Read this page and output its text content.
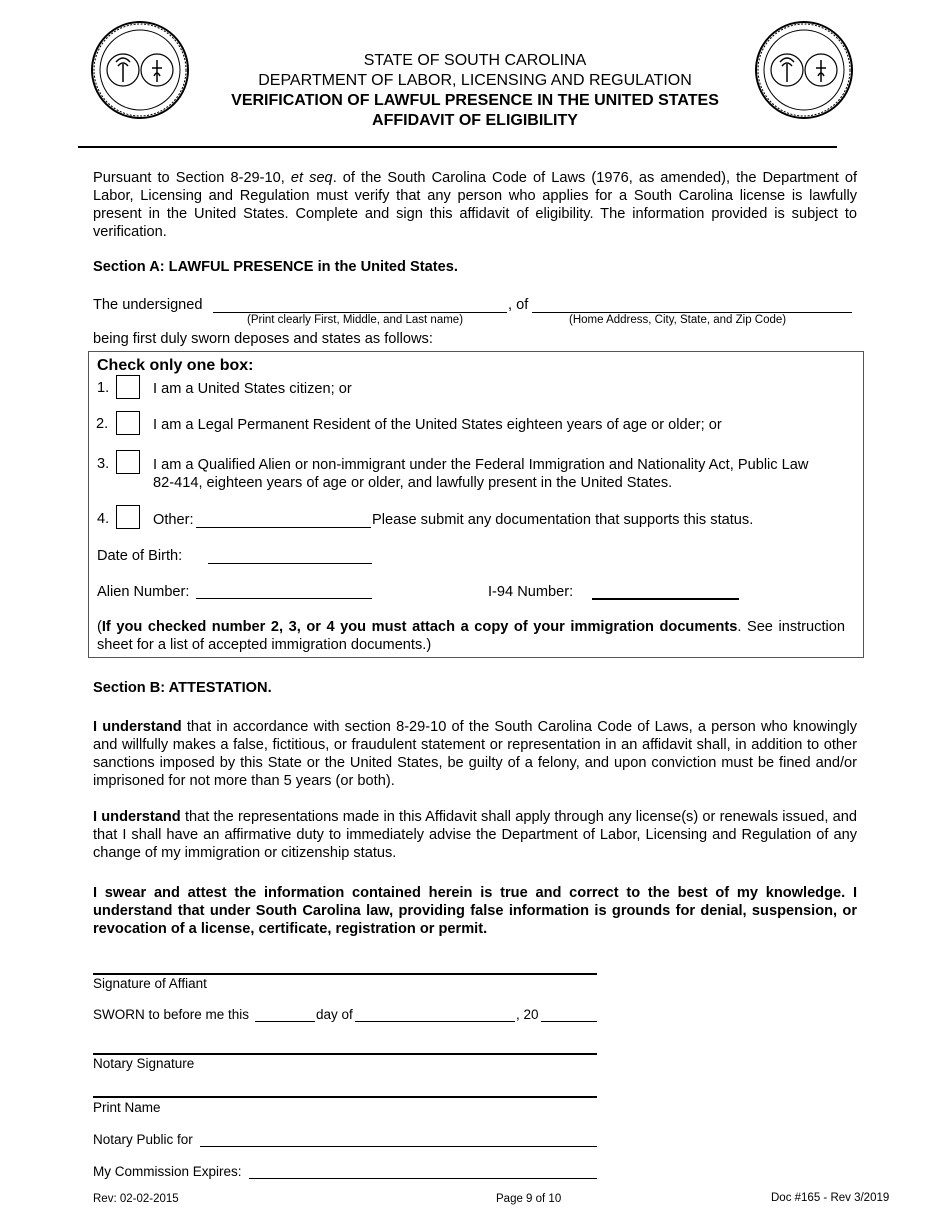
STATE OF SOUTH CAROLINA
DEPARTMENT OF LABOR, LICENSING AND REGULATION
VERIFICATION OF LAWFUL PRESENCE IN THE UNITED STATES
AFFIDAVIT OF ELIGIBILITY

Pursuant to Section 8-29-10, et seq. of the South Carolina Code of Laws (1976, as amended), the Department of Labor, Licensing and Regulation must verify that any person who applies for a South Carolina license is lawfully present in the United States. Complete and sign this affidavit of eligibility. The information provided is subject to verification.

Section A: LAWFUL PRESENCE in the United States.
The undersigned	, of
(Print clearly First, Middle, and Last name)	(Home Address, City, State, and Zip Code)
being first duly sworn deposes and states as follows:
Check only one box:
1.	I am a United States citizen; or
2.	I am a Legal Permanent Resident of the United States eighteen years of age or older; or
3.	I am a Qualified Alien or non-immigrant under the Federal Immigration and Nationality Act, Public Law
82-414, eighteen years of age or older, and lawfully present in the United States.
4.	Other:	Please submit any documentation that supports this status.
Date of Birth:
Alien Number:	I-94 Number:

(If you checked number 2, 3, or 4 you must attach a copy of your immigration documents. See instruction sheet for a list of accepted immigration documents.)

Section B: ATTESTATION.

I understand that in accordance with section 8-29-10 of the South Carolina Code of Laws, a person who knowingly and willfully makes a false, fictitious, or fraudulent statement or representation in an affidavit shall, in addition to other sanctions imposed by this State or the United States, be guilty of a felony, and upon conviction must be fined and/or imprisoned for not more than 5 years (or both).

I understand that the representations made in this Affidavit shall apply through any license(s) or renewals issued, and that I shall have an affirmative duty to immediately advise the Department of Labor, Licensing and Regulation of any change of my immigration or citizenship status.

I swear and attest the information contained herein is true and correct to the best of my knowledge. I understand that under South Carolina law, providing false information is grounds for denial, suspension, or revocation of a license, certificate, registration or permit.

Signature of Affiant
SWORN to before me this	day of	, 20
Notary Signature
Print Name
Notary Public for
My Commission Expires:
Rev: 02-02-2015	Page 9 of 10	Doc #165 - Rev 3/2019
